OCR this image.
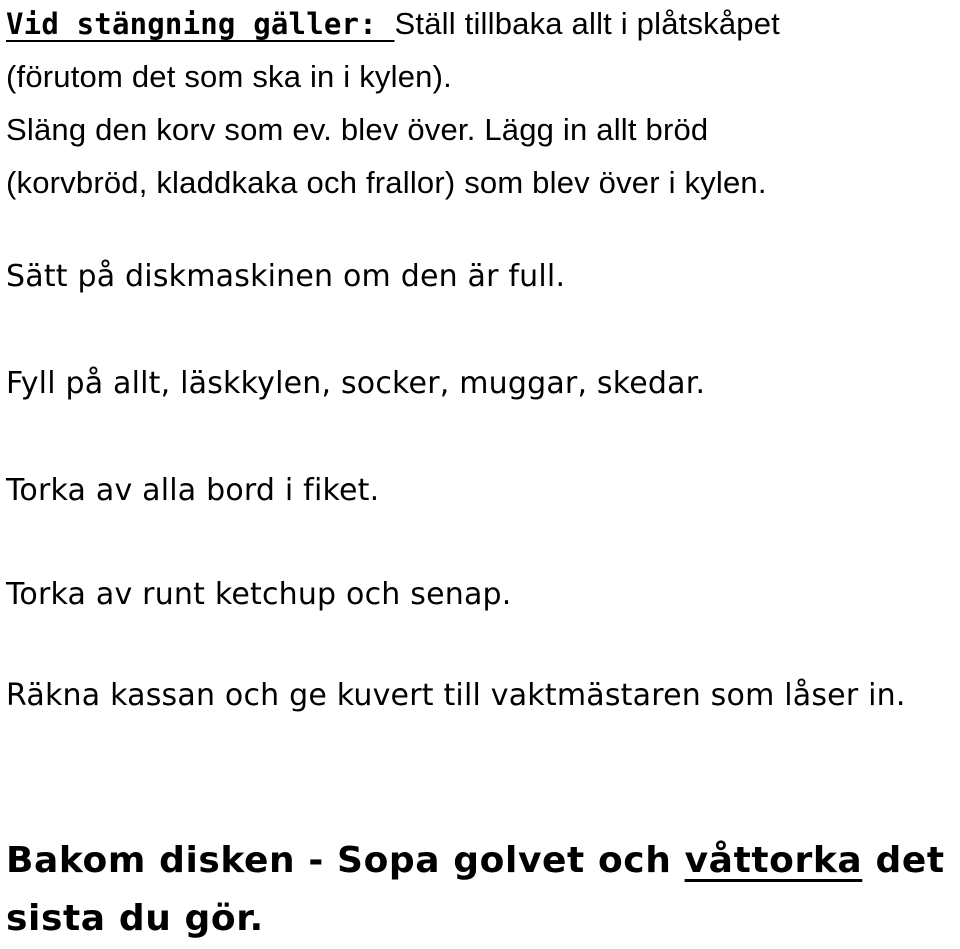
Vid stängning gäller: Ställ tillbaka allt i plåtskåpet
(förutom det som ska in i kylen).
Släng den korv som ev. blev över. Lägg in allt bröd
(korvbröd, kladdkaka och frallor) som blev över i kylen.

Sätt på diskmaskinen om den är full.

Fyll på allt, läskkylen, socker, muggar, skedar.

Torka av alla bord i fiket.

Torka av runt ketchup och senap.

Räkna kassan och ge kuvert till vaktmästaren som låser in.

Bakom disken - Sopa golvet och våttorka det sista du gör.
